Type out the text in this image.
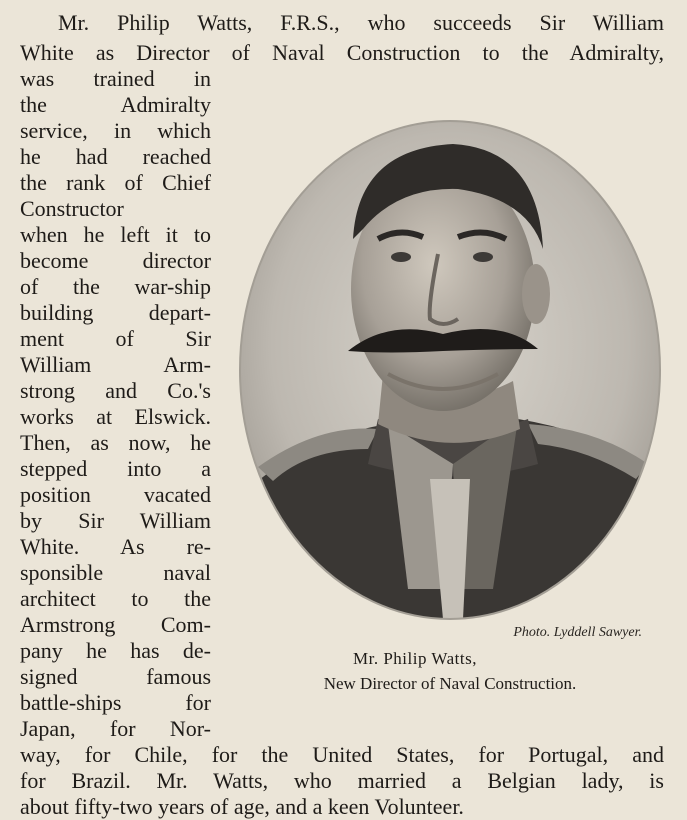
Mr. Philip Watts, F.R.S., who succeeds Sir William
White as Director of Naval Construction to the Admiralty,
was trained in
the Admiralty
service, in which
he had reached
the rank of Chief
Constructor
when he left it to
become director
of the war-ship
building depart-
ment of Sir
William Arm-
strong and Co.'s
works at Elswick.
Then, as now, he
stepped into a
position vacated
by Sir William
White. As re-
sponsible naval
architect to the
Armstrong Com-
pany he has de-
signed famous
battle-ships for
Japan, for Nor-
way, for Chile, for the United States, for Portugal, and
for Brazil. Mr. Watts, who married a Belgian lady, is
about fifty-two years of age, and a keen Volunteer.
Photo. Lyddell Sawyer.
Mr. Philip Watts,
New Director of Naval Construction.
